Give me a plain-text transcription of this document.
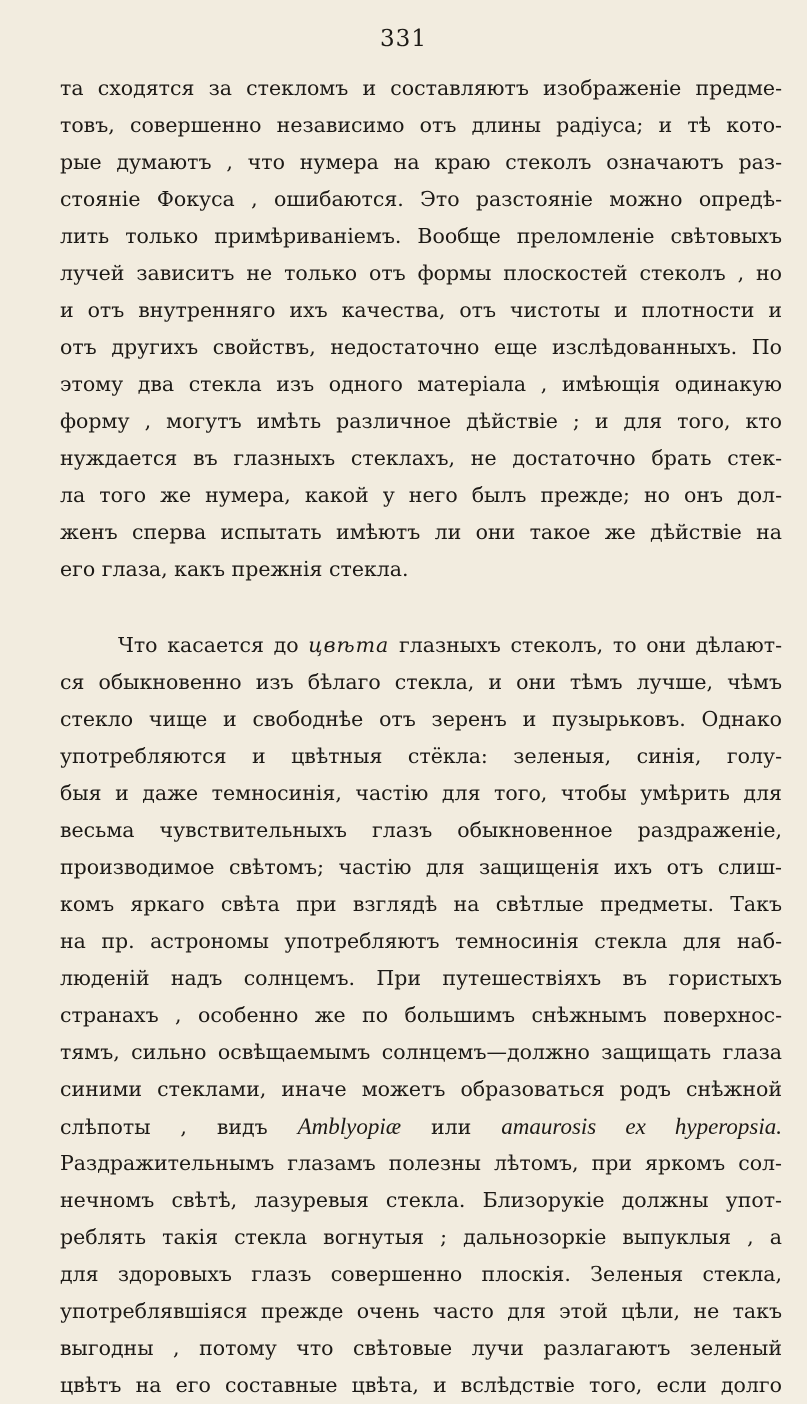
331
та сходятся за стекломъ и составляютъ изображенiе предме-
товъ, совершенно независимо отъ длины радiуса; и тѣ кото-
рые думаютъ , что нумера на краю стеколъ означаютъ раз-
стоянiе Фокуса , ошибаются. Это разстоянiе можно опредѣ-
лить только примѣриванiемъ. Вообще преломленiе свѣтовыхъ
лучей зависитъ не только отъ формы плоскостей стеколъ , но
и отъ внутренняго ихъ качества, отъ чистоты и плотности и
отъ другихъ свойствъ, недостаточно еще изслѣдованныхъ. По
этому два стекла изъ одного матерiала , имѣющiя одинакую
форму , могутъ имѣть различное дѣйствiе ; и для того, кто
нуждается въ глазныхъ стеклахъ, не достаточно брать стек-
ла того же нумера, какой у него былъ прежде; но онъ дол-
женъ сперва испытать имѣютъ ли они такое же дѣйствiе на
его глаза, какъ прежнiя стекла.
Что касается до цвѣта глазныхъ стеколъ, то они дѣлают-
ся обыкновенно изъ бѣлаго стекла, и они тѣмъ лучше, чѣмъ
стекло чище и свободнѣе отъ зеренъ и пузырьковъ. Однако
употребляются и цвѣтныя стёкла: зеленыя, синiя, голу-
быя и даже темносинiя, частiю для того, чтобы умѣрить для
весьма чувствительныхъ глазъ обыкновенное раздраженiе,
производимое свѣтомъ; частiю для защищенiя ихъ отъ слиш-
комъ яркаго свѣта при взглядѣ на свѣтлые предметы. Такъ
на пр. астрономы употребляютъ темносинiя стекла для наб-
люденiй надъ солнцемъ. При путешествiяхъ въ гористыхъ
странахъ , особенно же по большимъ снѣжнымъ поверхнос-
тямъ, сильно освѣщаемымъ солнцемъ—должно защищать глаза
синими стеклами, иначе можетъ образоваться родъ снѣжной
слѣпоты , видъ Amblyopiæ или amaurosis ex hyperopsia.
Раздражительнымъ глазамъ полезны лѣтомъ, при яркомъ сол-
нечномъ свѣтѣ, лазуревыя стекла. Близорукiе должны упот-
реблять такiя стекла вогнутыя ; дальнозоркiе выпуклыя , а
для здоровыхъ глазъ совершенно плоскiя. Зеленыя стекла,
употреблявшiяся прежде очень часто для этой цѣли, не такъ
выгодны , потому что свѣтовые лучи разлагаютъ зеленый
цвѣтъ на его составные цвѣта, и вслѣдствiе того, если долго
